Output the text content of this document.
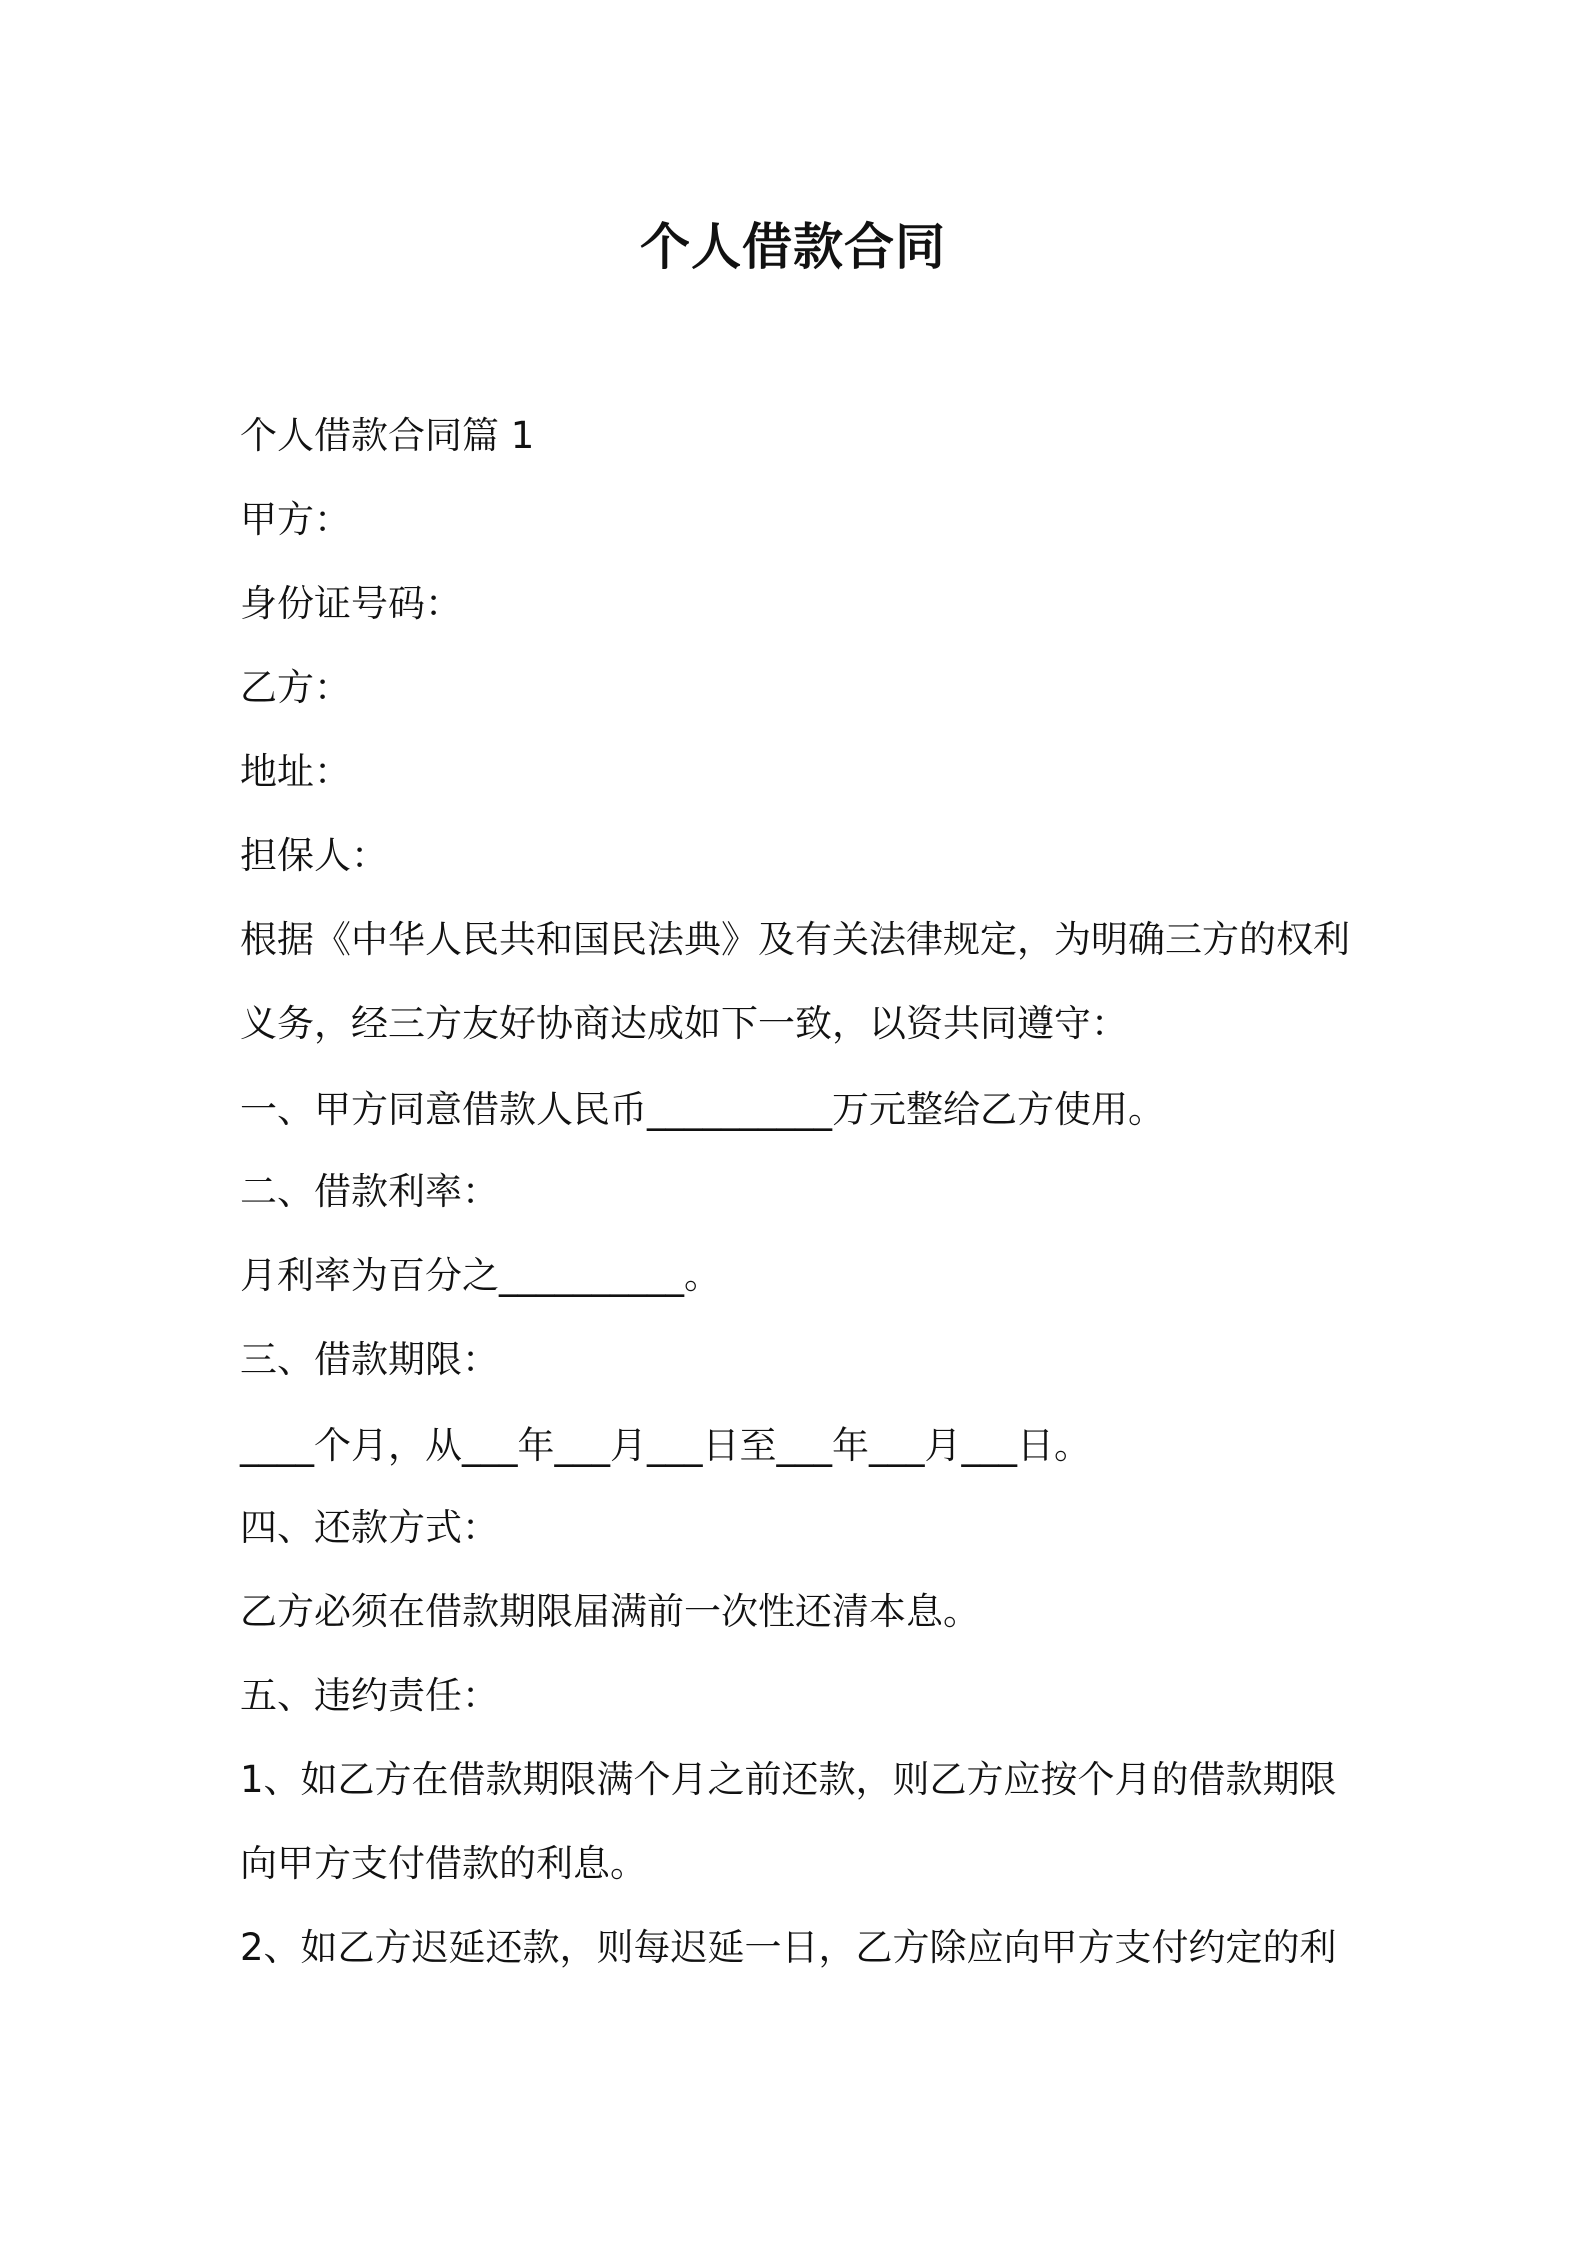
个人借款合同
个人借款合同篇 1
甲方：
身份证号码：
乙方：
地址：
担保人：
根据《中华人民共和国民法典》及有关法律规定，为明确三方的权利
义务，经三方友好协商达成如下一致，以资共同遵守：
一、甲方同意借款人民币__________万元整给乙方使用。
二、借款利率：
月利率为百分之__________。
三、借款期限：
____个月，从___年___月___日至___年___月___日。
四、还款方式：
乙方必须在借款期限届满前一次性还清本息。
五、违约责任：
1、如乙方在借款期限满个月之前还款，则乙方应按个月的借款期限
向甲方支付借款的利息。
2、如乙方迟延还款，则每迟延一日，乙方除应向甲方支付约定的利
